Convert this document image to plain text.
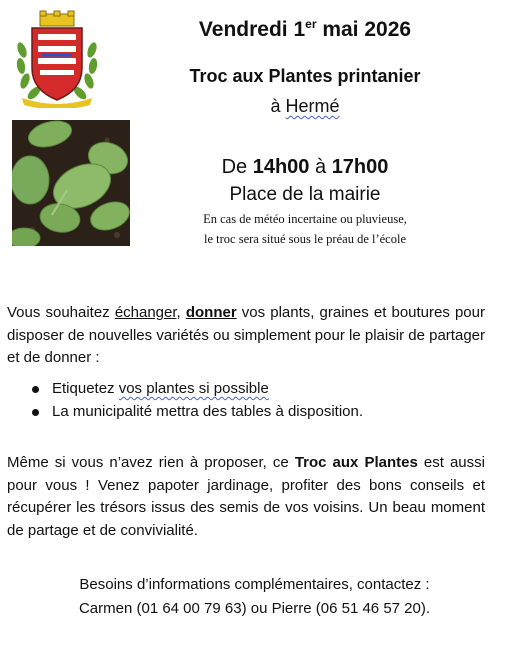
Vendredi 1er mai 2026
Troc aux Plantes printanier
à Hermé
De 14h00 à 17h00
Place de la mairie
En cas de météo incertaine ou pluvieuse,
le troc sera situé sous le préau de l’école
Vous souhaitez échanger, donner vos plants, graines et boutures pour disposer de nouvelles variétés ou simplement pour le plaisir de partager et de donner :
Etiquetez vos plantes si possible
La municipalité mettra des tables à disposition.
Même si vous n’avez rien à proposer, ce Troc aux Plantes est aussi pour vous ! Venez papoter jardinage, profiter des bons conseils et récupérer les trésors issus des semis de vos voisins. Un beau moment de partage et de convivialité.
Besoins d’informations complémentaires, contactez :
Carmen (01 64 00 79 63) ou Pierre (06 51 46 57 20).
